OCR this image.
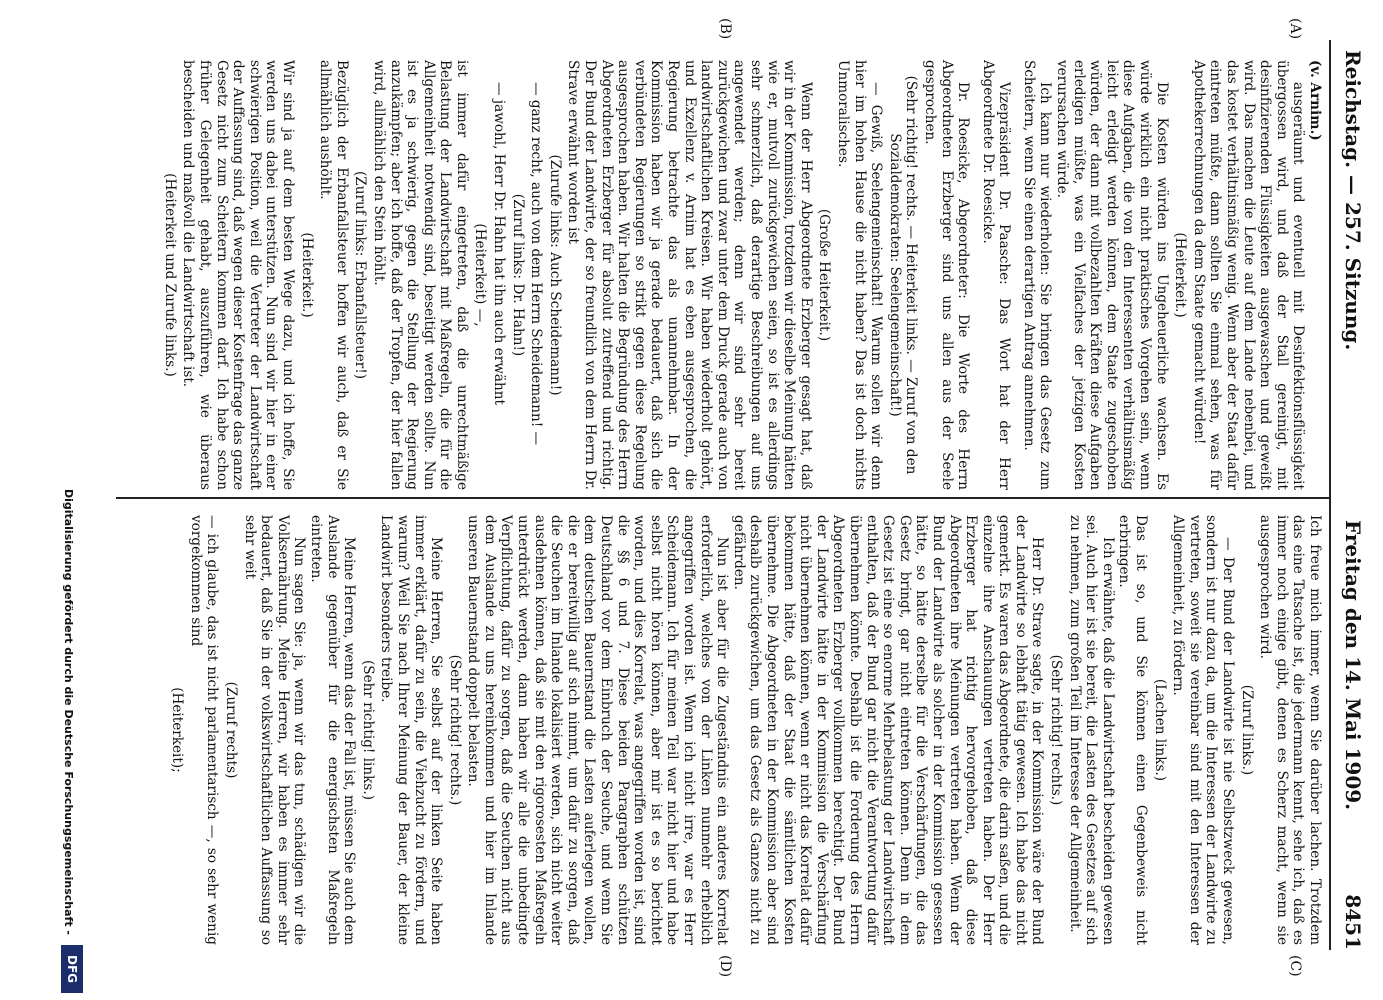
Reichstag. — 257. Sitzung.
Freitag den 14. Mai 1909.
8451
(A)
(B)
(C)
(D)

(v. Arnim.)

ausgeräumt und eventuell mit Desinfektionsflüssigkeit übergossen wird, und daß der Stall gereinigt, mit desinfizierenden Flüssigkeiten ausgewaschen und geweißt wird. Das machen die Leute auf dem Lande nebenbei, und das kostet verhältnismäßig wenig. Wenn aber der Staat dafür eintreten müßte, dann sollten Sie einmal sehen, was für Apothekerrechnungen da dem Staate gemacht würden!

(Heiterkeit.)

Die Kosten würden ins Ungeheuerliche wachsen. Es würde wirklich ein nicht praktisches Vorgehen sein, wenn diese Aufgaben, die von den Interessenten verhältnismäßig leicht erledigt werden können, dem Staate zugeschoben würden, der dann mit vollbezahlten Kräften diese Aufgaben erledigen müßte, was ein Vielfaches der jetzigen Kosten verursachen würde.

Ich kann nur wiederholen: Sie bringen das Gesetz zum Scheitern, wenn Sie einen derartigen Antrag annehmen.

Vizepräsident Dr. Paasche: Das Wort hat der Herr Abgeordnete Dr. Roesicke.

Dr. Roesicke, Abgeordneter: Die Worte des Herrn Abgeordneten Erzberger sind uns allen aus der Seele gesprochen.

(Sehr richtig! rechts. — Heiterkeit links. — Zuruf von den Sozialdemokraten: Seelengemeinschaft!)

— Gewiß, Seelengemeinschaft! Warum sollen wir denn hier im hohen Hause die nicht haben? Das ist doch nichts Unmoralisches.

(Große Heiterkeit.)

Wenn der Herr Abgeordnete Erzberger gesagt hat, daß wir in der Kommission, trotzdem wir dieselbe Meinung hätten wie er, mutvoll zurückgewichen seien, so ist es allerdings sehr schmerzlich, daß derartige Beschreibungen auf uns angewendet werden; denn wir sind sehr bereit zurückgewichen und zwar unter dem Druck gerade auch von landwirtschaftlichen Kreisen. Wir haben wiederholt gehört, und Exzellenz v. Arnim hat es eben ausgesprochen, die Regierung betrachte das als unannehmbar. In der Kommission haben wir ja gerade bedauert, daß sich die verbündeten Regierungen so strikt gegen diese Regelung ausgesprochen haben. Wir halten die Begründung des Herrn Abgeordneten Erzberger für absolut zutreffend und richtig. Der Bund der Landwirte, der so freundlich von dem Herrn Dr. Strave erwähnt worden ist

(Zurufe links: Auch Scheidemann!)

— ganz recht, auch von dem Herrn Scheidemann! —

(Zuruf links: Dr. Hahn!)

— jawohl, Herr Dr. Hahn hat ihn auch erwähnt

(Heiterkeit) —,

ist immer dafür eingetreten, daß die unrechtmäßige Belastung der Landwirtschaft mit Maßregeln, die für die Allgemeinheit notwendig sind, beseitigt werden sollte. Nun ist es ja schwierig, gegen die Stellung der Regierung anzukämpfen; aber ich hoffe, daß der Tropfen, der hier fallen wird, allmählich den Stein höhlt.

(Zuruf links: Erbanfallsteuer!)

Bezüglich der Erbanfallsteuer hoffen wir auch, daß er Sie allmählich aushöhlt.

(Heiterkeit.)

Wir sind ja auf dem besten Wege dazu, und ich hoffe, Sie werden uns dabei unterstützen. Nun sind wir hier in einer schwierigen Position, weil die Vertreter der Landwirtschaft der Auffassung sind, daß wegen dieser Kostenfrage das ganze Gesetz nicht zum Scheitern kommen darf. Ich habe schon früher Gelegenheit gehabt, auszuführen, wie überaus bescheiden und maßvoll die Landwirtschaft ist.

(Heiterkeit und Zurufe links.)

Ich freue mich immer, wenn Sie darüber lachen. Trotzdem das eine Tatsache ist, die jedermann kennt, sehe ich, daß es immer noch einige gibt, denen es Scherz macht, wenn sie ausgesprochen wird.

(Zuruf links.)

— Der Bund der Landwirte ist nie Selbstzweck gewesen, sondern ist nur dazu da, um die Interessen der Landwirte zu vertreten, soweit sie vereinbar sind mit den Interessen der Allgemeinheit, zu fördern.

(Lachen links.)

Das ist so, und Sie können einen Gegenbeweis nicht erbringen.

Ich erwähnte, daß die Landwirtschaft bescheiden gewesen sei. Auch hier ist sie bereit, die Lasten des Gesetzes auf sich zu nehmen, zum großen Teil im Interesse der Allgemeinheit.

(Sehr richtig! rechts.)

Herr Dr. Strave sagte, in der Kommission wäre der Bund der Landwirte so lebhaft tätig gewesen. Ich habe das nicht gemerkt. Es waren das Abgeordnete, die darin saßen, und die einzelne ihre Anschauungen vertreten haben. Der Herr Erzberger hat richtig hervorgehoben, daß diese Abgeordneten ihre Meinungen vertreten haben. Wenn der Bund der Landwirte als solcher in der Kommission gesessen hätte, so hätte derselbe für die Verschärfungen, die das Gesetz bringt, gar nicht eintreten können. Denn in dem Gesetz ist eine so enorme Mehrbelastung der Landwirtschaft enthalten, daß der Bund gar nicht die Verantwortung dafür übernehmen könnte. Deshalb ist die Forderung des Herrn Abgeordneten Erzberger vollkommen berechtigt. Der Bund der Landwirte hätte in der Kommission die Verschärfung nicht übernehmen können, wenn er nicht das Korrelat dafür bekommen hätte, daß der Staat die sämtlichen Kosten übernehme. Die Abgeordneten in der Kommission aber sind deshalb zurückgewichen, um das Gesetz als Ganzes nicht zu gefährden.

Nun ist aber für die Zugeständnis ein anderes Korrelat erforderlich, welches von der Linken nunmehr erheblich angegriffen worden ist. Wenn ich nicht irre, war es Herr Scheidemann. Ich für meinen Teil war nicht hier und habe selbst nicht hören können, aber mir ist es so berichtet worden, und dies Korrelat, was angegriffen worden ist, sind die §§ 6 und 7. Diese beiden Paragraphen schützen Deutschland vor dem Einbruch der Seuche, und wenn Sie dem deutschen Bauernstand die Lasten auferlegen wollen, die er bereitwillig auf sich nimmt, um dafür zu sorgen, daß die Seuchen im Inlande lokalisiert werden, sich nicht weiter ausdehnen können, daß sie mit den rigorosesten Maßregeln unterdrückt werden, dann haben wir alle die unbedingte Verpflichtung, dafür zu sorgen, daß die Seuchen nicht aus dem Auslande zu uns hereinkommen und hier im Inlande unseren Bauernstand doppelt belasten.

(Sehr richtig! rechts.)

Meine Herren, Sie selbst auf der linken Seite haben immer erklärt, dafür zu sein, die Viehzucht zu fördern, und warum? Weil Sie nach Ihrer Meinung der Bauer, der kleine Landwirt besonders treibe.

(Sehr richtig! links.)

Meine Herren, wenn das der Fall ist, müssen Sie auch dem Auslande gegenüber für die energischsten Maßregeln eintreten.

Nun sagen Sie: ja, wenn wir das tun, schädigen wir die Volksernährung. Meine Herren, wir haben es immer sehr bedauert, daß Sie in der volkswirtschaftlichen Auffassung so sehr weit

(Zuruf rechts)

— ich glaube, das ist nicht parlamentarisch —, so sehr wenig vorgekommen sind

(Heiterkeit);

Digitalisierung gefördert durch die Deutsche Forschungsgemeinschaft -
DFG
